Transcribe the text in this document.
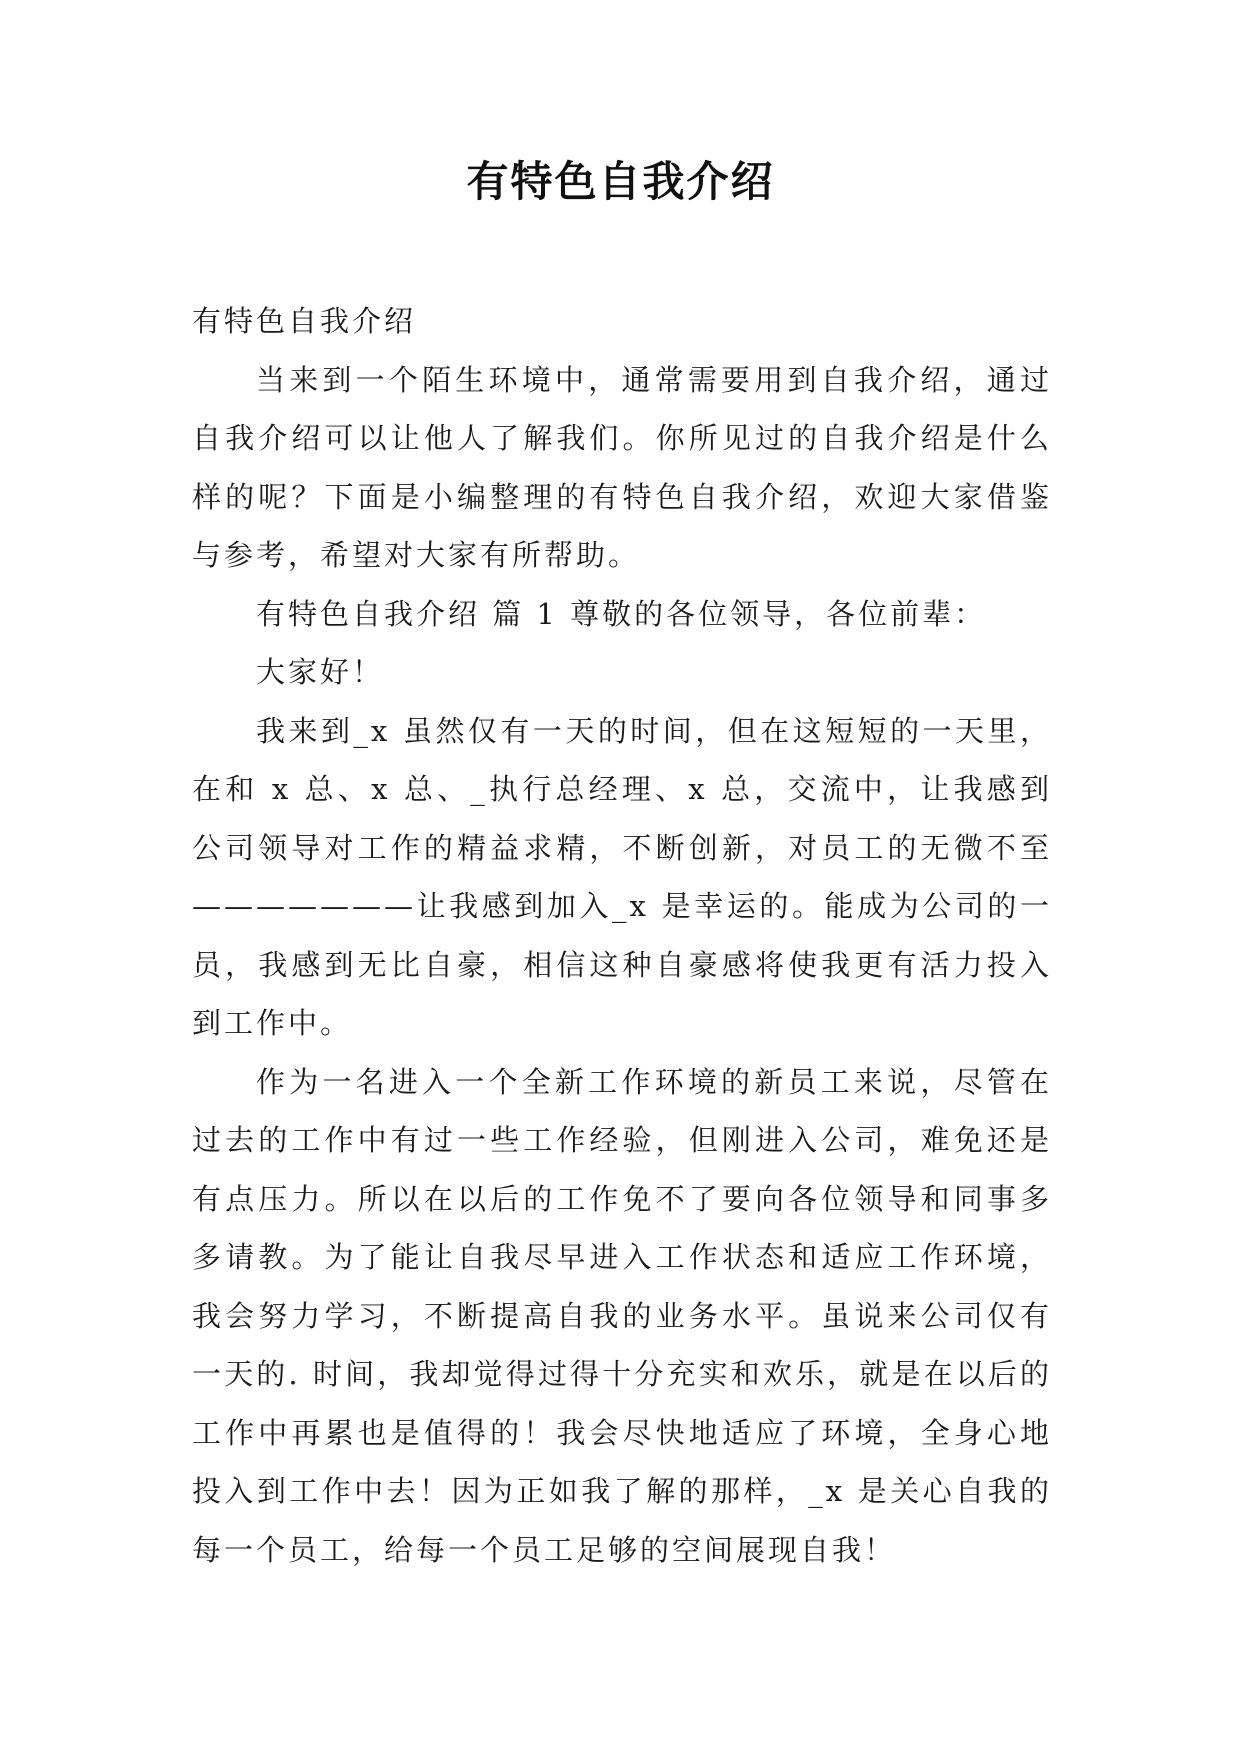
有特色自我介绍

有特色自我介绍

当来到一个陌生环境中，通常需要用到自我介绍，通过自我介绍可以让他人了解我们。你所见过的自我介绍是什么样的呢？下面是小编整理的有特色自我介绍，欢迎大家借鉴与参考，希望对大家有所帮助。

有特色自我介绍 篇 1 尊敬的各位领导，各位前辈：

大家好！

我来到_x 虽然仅有一天的时间，但在这短短的一天里，在和 x 总、x 总、_执行总经理、x 总，交流中，让我感到公司领导对工作的精益求精，不断创新，对员工的无微不至———————让我感到加入_x 是幸运的。能成为公司的一员，我感到无比自豪，相信这种自豪感将使我更有活力投入到工作中。

作为一名进入一个全新工作环境的新员工来说，尽管在过去的工作中有过一些工作经验，但刚进入公司，难免还是有点压力。所以在以后的工作免不了要向各位领导和同事多多请教。为了能让自我尽早进入工作状态和适应工作环境，我会努力学习，不断提高自我的业务水平。虽说来公司仅有一天的. 时间，我却觉得过得十分充实和欢乐，就是在以后的工作中再累也是值得的！我会尽快地适应了环境，全身心地投入到工作中去！因为正如我了解的那样，_x 是关心自我的每一个员工，给每一个员工足够的空间展现自我！
